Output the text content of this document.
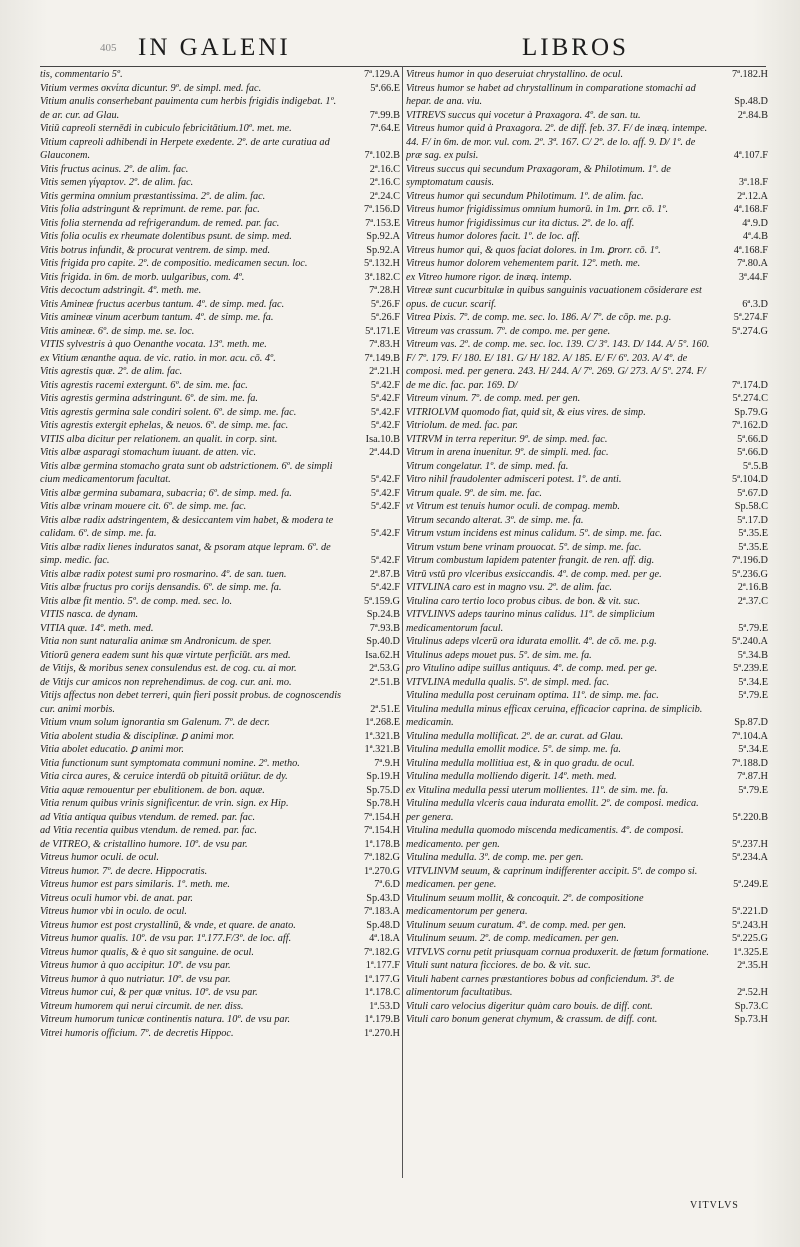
405 IN GALENI	LIBROS
tis, commentario 5º.	7ª.129.A
Vitium vermes σκνίπα dicuntur. 9º. de simpl. med. fac.	5ª.66.E
Vitium anulis conserhebant pauimenta cum herbis frigidis indigebat. 1º. de ar. cur. ad Glau.	7ª.99.B
Vitiū capreoli sternēdi in cubiculo febricitātium.10º. met. me.	7ª.64.E
Vitium capreoli adhibendi in Herpete exedente. 2º. de arte curatiua ad Glauconem.	7ª.102.B
Vitis fructus acinus. 2º. de alim. fac.	2ª.16.C
Vitis semen γίγαρτον. 2º. de alim. fac.	2ª.16.C
Vitis germina omnium præstantissima. 2º. de alim. fac.	2ª.24.C
Vitis folia adstringunt & reprimunt. de reme. par. fac.	7ª.156.D
Vitis folia sternenda ad refrigerandum. de remed. par. fac.	7ª.153.E
Vitis folia oculis ex rheumate dolentibus psunt. de simp. med.	Sp.92.A
Vitis botrus infundit, & procurat ventrem. de simp. med.	Sp.92.A
Vitis frigida pro capite. 2º. de compositio. medicamen secun. loc.	5ª.132.H
Vitis frigida. in 6m. de morb. uulgaribus, com. 4º.	3ª.182.C
Vitis decoctum adstringit. 4º. meth. me.	7ª.28.H
Vitis Amineæ fructus acerbus tantum. 4º. de simp. med. fac.	5ª.26.F
Vitis amineæ vinum acerbum tantum. 4º. de simp. me. fa.	5ª.26.F
Vitis amineæ. 6º. de simp. me. se. loc.	5ª.171.E
VITIS sylvestris à quo Oenanthe vocata. 13º. meth. me.	7ª.83.H
ex Vitium ænanthe aqua. de vic. ratio. in mor. acu. cō. 4º.	7ª.149.B
Vitis agrestis quæ. 2º. de alim. fac.	2ª.21.H
Vitis agrestis racemi extergunt. 6º. de sim. me. fac.	5ª.42.F
Vitis agrestis germina adstringunt. 6º. de sim. me. fa.	5ª.42.F
Vitis agrestis germina sale condiri solent. 6º. de simp. me. fac.	5ª.42.F
Vitis agrestis extergit ephelas, & neuos. 6º. de simp. me. fac.	5ª.42.F
VITIS alba dicitur per relationem. an qualit. in corp. sint.	Isa.10.B
Vitis albæ asparagi stomachum iuuant. de atten. vic.	2ª.44.D
Vitis albæ germina stomacho grata sunt ob adstrictionem. 6º. de simpli cium medicamentorum facultat.	5ª.42.F
Vitis albæ germina subamara, subacria; 6º. de simp. med. fa.	5ª.42.F
Vitis albæ vrinam mouere cit. 6º. de simp. me. fac.	5ª.42.F
Vitis albæ radix adstringentem, & desiccantem vim habet, & modera te calidam. 6º. de simp. me. fa.	5ª.42.F
Vitis albæ radix lienes induratos sanat, & psoram atque lepram. 6º. de simp. medic. fac.	5ª.42.F
Vitis albæ radix potest sumi pro rosmarino. 4º. de san. tuen.	2ª.87.B
Vitis albæ fructus pro corijs densandis. 6º. de simp. me. fa.	5ª.42.F
Vitis albæ fit mentio. 5º. de comp. med. sec. lo.	5ª.159.G
VITIS nasca. de dynam.	Sp.24.B
VITIA quæ. 14º. meth. med.	7ª.93.B
Vitia non sunt naturalia animæ sm Andronicum. de sper.	Sp.40.D
Vitiorū genera eadem sunt his quæ virtute perficiūt. ars med.	Isa.62.H
de Vitijs, & moribus senex consulendus est. de cog. cu. ai mor.	2ª.53.G
de Vitijs cur amicos non reprehendimus. de cog. cur. ani. mo.	2ª.51.B
Vitijs affectus non debet terreri, quin fieri possit probus. de cognoscendis cur. animi morbis.	2ª.51.E
Vitium vnum solum ignorantia sm Galenum. 7º. de decr.	1ª.268.E
Vitia abolent studia & disciplinæ. ꝑ animi mor.	1ª.321.B
Vitia abolet educatio. ꝑ animi mor.	1ª.321.B
Vitia functionum sunt symptomata communi nomine. 2º. metho.	7ª.9.H
Vitia circa aures, & ceruice interdū ob pituitā oriūtur. de dy.	Sp.19.H
Vitia aquæ remouentur per ebulitionem. de bon. aquæ.	Sp.75.D
Vitia renum quibus vrinis significentur. de vrin. sign. ex Hip.	Sp.78.H
ad Vitia antiqua quibus vtendum. de remed. par. fac.	7ª.154.H
ad Vitia recentia quibus vtendum. de remed. par. fac.	7ª.154.H
de VITREO, & cristallino humore. 10º. de vsu par.	1ª.178.B
Vitreus humor oculi. de ocul.	7ª.182.G
Vitreus humor. 7º. de decre. Hippocratis.	1ª.270.G
Vitreus humor est pars similaris. 1º. meth. me.	7ª.6.D
Vitreus oculi humor vbi. de anat. par.	Sp.43.D
Vitreus humor vbi in oculo. de ocul.	7ª.183.A
Vitreus humor est post crystallinū, & vnde, et quare. de anato.	Sp.48.D
Vitreus humor qualis. 10º. de vsu par. 1ª.177.F/3º. de loc. aff.	4ª.18.A
Vitreus humor qualis, & è quo sit sanguine. de ocul.	7ª.182.G
Vitreus humor à quo accipitur. 10º. de vsu par.	1ª.177.F
Vitreus humor à quo nutriatur. 10º. de vsu par.	1ª.177.G
Vitreus humor cui, & per quæ vnitus. 10º. de vsu par.	1ª.178.C
Vitreum humorem qui nerui circumit. de ner. diss.	1ª.53.D
Vitreum humorum tunicæ continentis natura. 10º. de vsu par.	1ª.179.B
Vitrei humoris officium. 7º. de decretis Hippoc.	1ª.270.H
Vitreus humor in quo deseruiat chrystallino. de ocul.	7ª.182.H
Vitreus humor se habet ad chrystallinum in comparatione stomachi ad hepar. de ana. viu.	Sp.48.D
VITREVS succus qui vocetur à Praxagora. 4º. de san. tu.	2ª.84.B
Vitreus humor quid à Praxagora. 2º. de diff. feb. 37. F/ de inæq. intempe. 44. F/ in 6m. de mor. vul. com. 2º. 3ª. 167. C/ 2º. de lo. aff. 9. D/ 1º. de præ sag. ex pulsi.	4ª.107.F
Vitreus succus qui secundum Praxagoram, & Philotimum. 1º. de symptomatum causis.	3ª.18.F
Vitreus humor qui secundum Philotimum. 1º. de alim. fac.	2ª.12.A
Vitreus humor frigidissimus omnium humorū. in 1m. ꝑrr. cō. 1º.	4ª.168.F
Vitreus humor frigidissimus cur ita dictus. 2º. de lo. aff.	4ª.9.D
Vitreus humor dolores facit. 1º. de loc. aff.	4ª.4.B
Vitreus humor qui, & quos faciat dolores. in 1m. ꝑrorr. cō. 1º.	4ª.168.F
Vitreus humor dolorem vehementem parit. 12º. meth. me.	7ª.80.A
ex Vitreo humore rigor. de inæq. intemp.	3ª.44.F
Vitreæ sunt cucurbitulæ in quibus sanguinis vacuationem cōsiderare est opus. de cucur. scarif.	6ª.3.D
Vitrea Pixis. 7º. de comp. me. sec. lo. 186. A/ 7º. de cōp. me. p.g.	5ª.274.F
Vitreum vas crassum. 7º. de compo. me. per gene.	5ª.274.G
Vitreum vas. 2º. de comp. me. sec. loc. 139. C/ 3º. 143. D/ 144. A/ 5º. 160. F/ 7º. 179. F/ 180. E/ 181. G/ H/ 182. A/ 185. E/ F/ 6º. 203. A/ 4º. de composi. med. per genera. 243. H/ 244. A/ 7º. 269. G/ 273. A/ 5º. 274. F/ de me dic. fac. par. 169. D/	7ª.174.D
Vitreum vinum. 7º. de comp. med. per gen.	5ª.274.C
VITRIOLVM quomodo fiat, quid sit, & eius vires. de simp.	Sp.79.G
Vitriolum. de med. fac. par.	7ª.162.D
VITRVM in terra reperitur. 9º. de simp. med. fac.	5ª.66.D
Vitrum in arena inuenitur. 9º. de simpli. med. fac.	5ª.66.D
Vitrum congelatur. 1º. de simp. med. fa.	5ª.5.B
Vitro nihil fraudolenter admisceri potest. 1º. de anti.	5ª.104.D
Vitrum quale. 9º. de sim. me. fac.	5ª.67.D
vt Vitrum est tenuis humor oculi. de compag. memb.	Sp.58.C
Vitrum secando alterat. 3º. de simp. me. fa.	5ª.17.D
Vitrum vstum incidens est minus calidum. 5º. de simp. me. fac.	5ª.35.E
Vitrum vstum bene vrinam prouocat. 5º. de simp. me. fac.	5ª.35.E
Vitrum combustum lapidem patenter frangit. de ren. aff. dig.	7ª.196.D
Vitrū vstū pro vlceribus exsiccandis. 4º. de comp. med. per ge.	5ª.236.G
VITVLINA caro est in magno vsu. 2º. de alim. fac.	2ª.16.B
Vitulina caro tertio loco probus cibus. de bon. & vit. suc.	2ª.37.C
VITVLINVS adeps taurino minus calidus. 11º. de simplicium medicamentorum facul.	5ª.79.E
Vitulinus adeps vlcerū ora idurata emollit. 4º. de cō. me. p.g.	5ª.240.A
Vitulinus adeps mouet pus. 5º. de sim. me. fa.	5ª.34.B
pro Vitulino adipe suillus antiquus. 4º. de comp. med. per ge.	5ª.239.E
VITVLINA medulla qualis. 5º. de simpl. med. fac.	5ª.34.E
Vitulina medulla post ceruinam optima. 11º. de simp. me. fac.	5ª.79.E
Vitulina medulla minus efficax ceruina, efficacior caprina. de simplicib. medicamin.	Sp.87.D
Vitulina medulla mollificat. 2º. de ar. curat. ad Glau.	7ª.104.A
Vitulina medulla emollit modice. 5º. de simp. me. fa.	5ª.34.E
Vitulina medulla mollitiua est, & in quo gradu. de ocul.	7ª.188.D
Vitulina medulla molliendo digerit. 14º. meth. med.	7ª.87.H
ex Vitulina medulla pessi uterum mollientes. 11º. de sim. me. fa.	5ª.79.E
Vitulina medulla vlceris caua indurata emollit. 2º. de composi. medica. per genera.	5ª.220.B
Vitulina medulla quomodo miscenda medicamentis. 4º. de composi. medicamento. per gen.	5ª.237.H
Vitulina medulla. 3º. de comp. me. per gen.	5ª.234.A
VITVLINVM seuum, & caprinum indifferenter accipit. 5º. de compo si. medicamen. per gene.	5ª.249.E
Vitulinum seuum mollit, & concoquit. 2º. de compositione medicamentorum per genera.	5ª.221.D
Vitulinum seuum curatum. 4º. de comp. med. per gen.	5ª.243.H
Vitulinum seuum. 2º. de comp. medicamen. per gen.	5ª.225.G
VITVLVS cornu petit priusquam cornua produxerit. de fœtum formatione. 1ª.325.E
Vituli sunt natura ficciores. de bo. & vit. suc.	2ª.35.H
Vituli habent carnes præstantiores bobus ad conficiendum. 3º. de alimentorum facultatibus.	2ª.52.H
Vituli caro velocius digeritur quàm caro bouis. de diff. cont.	Sp.73.C
Vituli caro bonum generat chymum, & crassum. de diff. cont.	Sp.73.H
VITVLVS
